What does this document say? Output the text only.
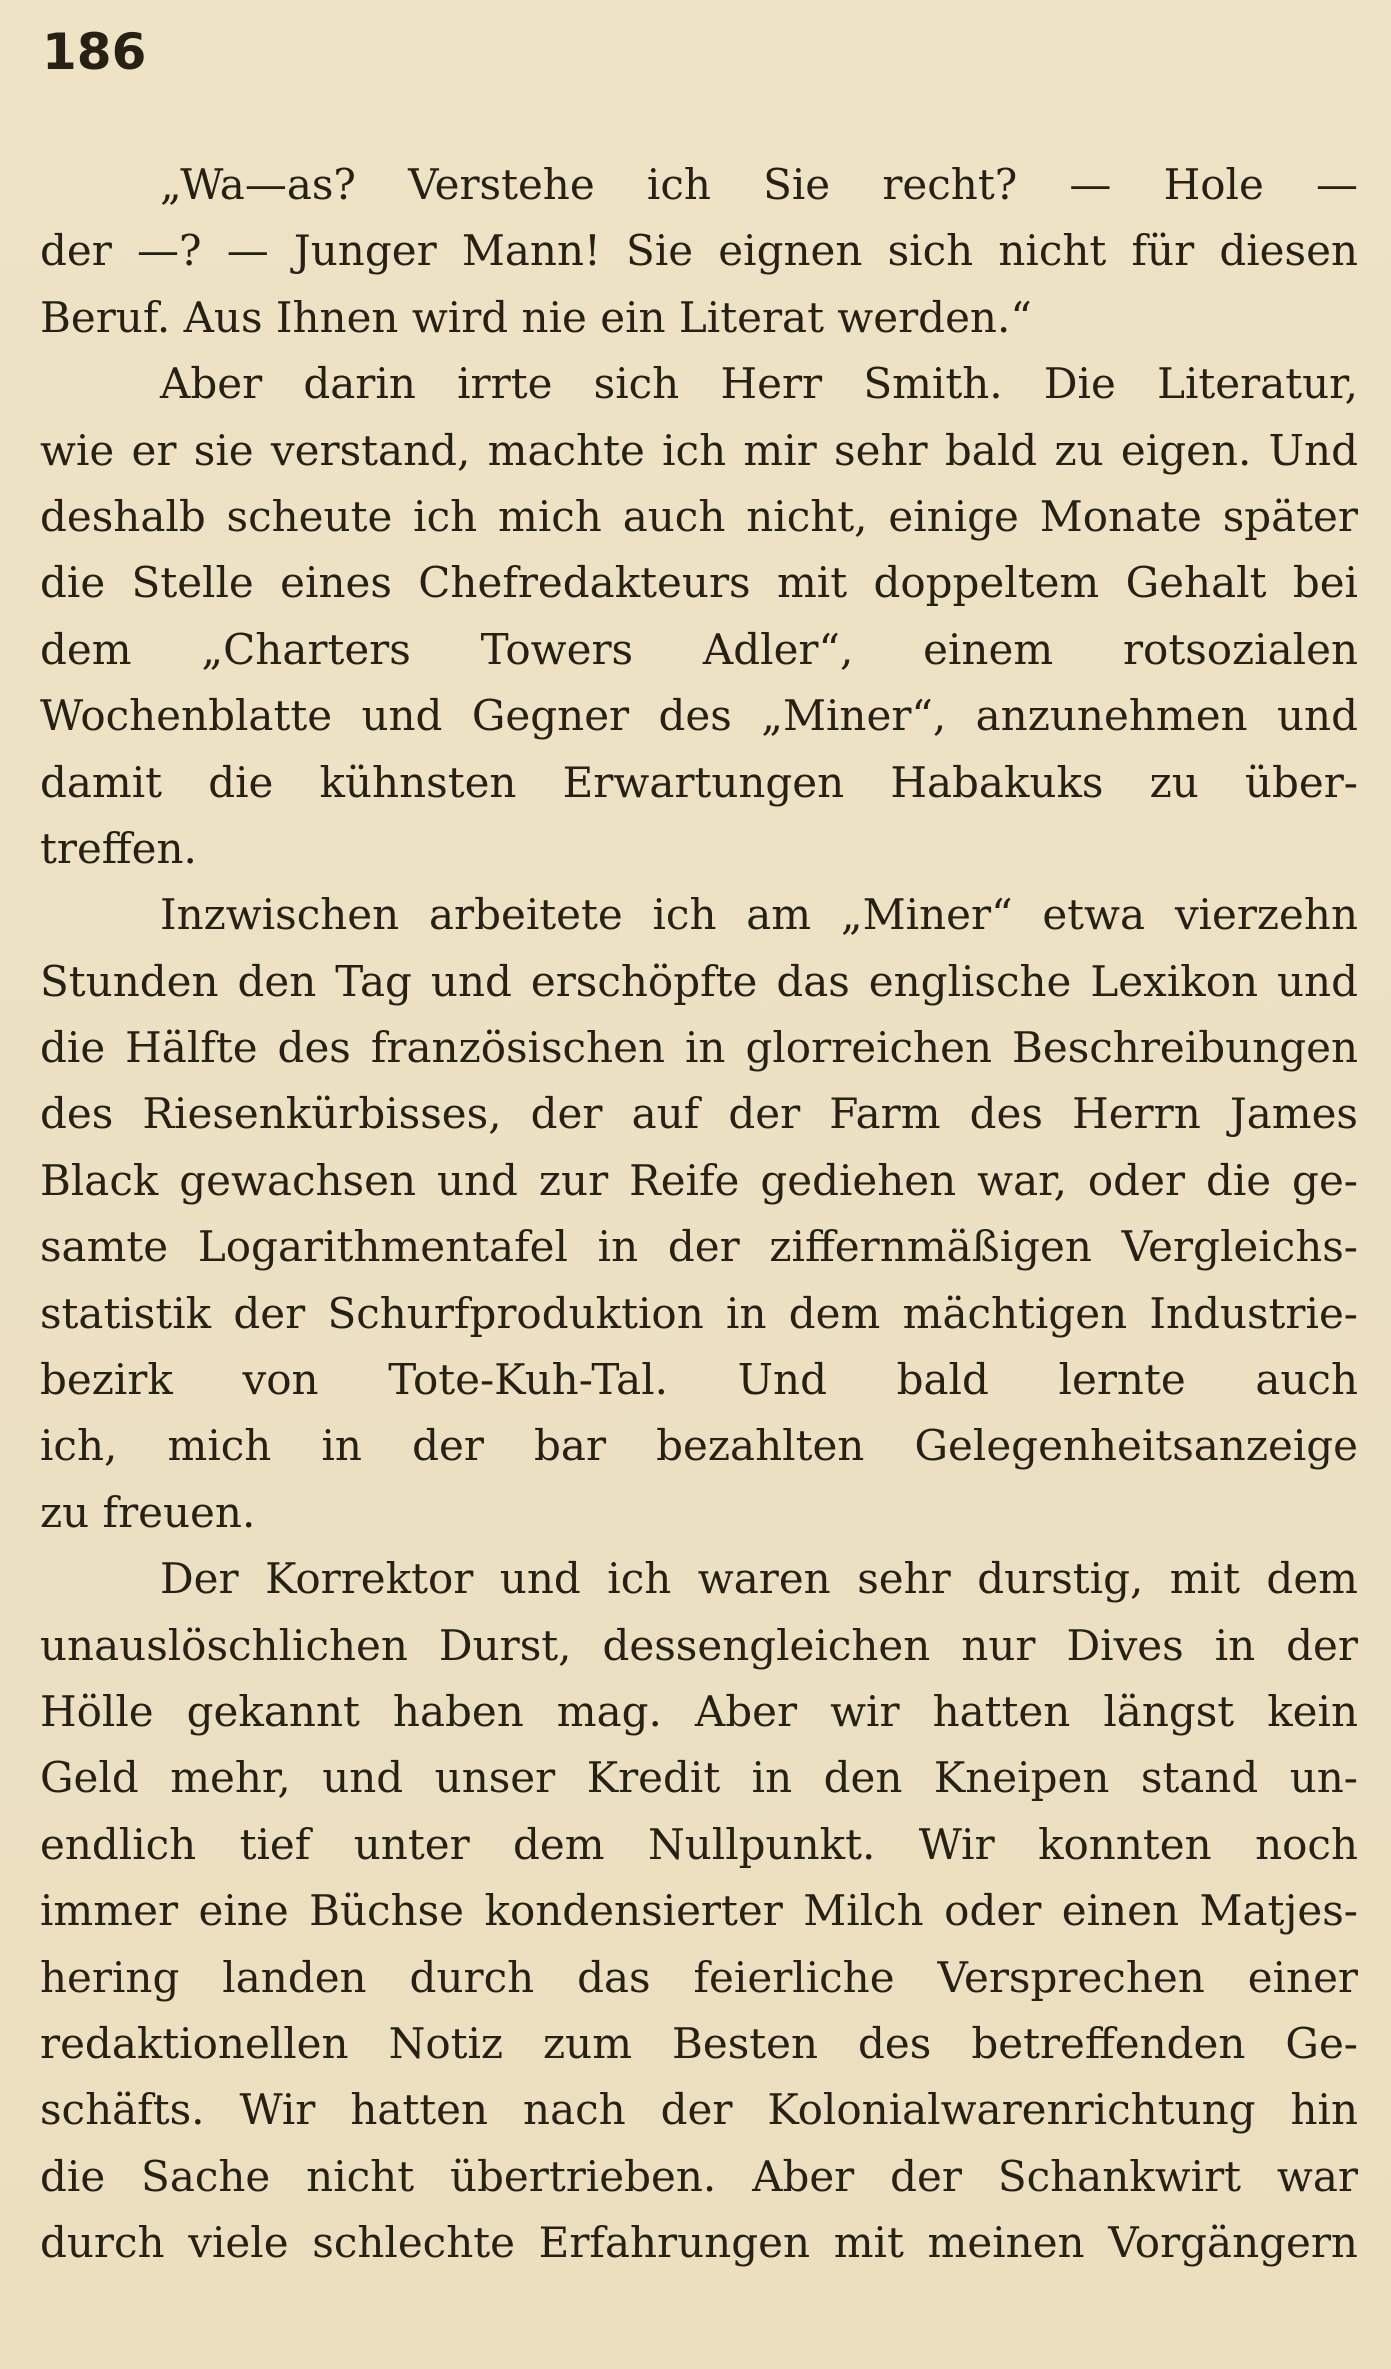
186
„Wa—as? Verstehe ich Sie recht? — Hole —
der —? — Junger Mann! Sie eignen sich nicht für diesen
Beruf. Aus Ihnen wird nie ein Literat werden.“
Aber darin irrte sich Herr Smith. Die Literatur,
wie er sie verstand, machte ich mir sehr bald zu eigen. Und
deshalb scheute ich mich auch nicht, einige Monate später
die Stelle eines Chefredakteurs mit doppeltem Gehalt bei
dem „Charters Towers Adler“, einem rotsozialen
Wochenblatte und Gegner des „Miner“, anzunehmen und
damit die kühnsten Erwartungen Habakuks zu über-
treffen.
Inzwischen arbeitete ich am „Miner“ etwa vierzehn
Stunden den Tag und erschöpfte das englische Lexikon und
die Hälfte des französischen in glorreichen Beschreibungen
des Riesenkürbisses, der auf der Farm des Herrn James
Black gewachsen und zur Reife gediehen war, oder die ge-
samte Logarithmentafel in der ziffernmäßigen Vergleichs-
statistik der Schurfproduktion in dem mächtigen Industrie-
bezirk von Tote-Kuh-Tal. Und bald lernte auch
ich, mich in der bar bezahlten Gelegenheitsanzeige
zu freuen.
Der Korrektor und ich waren sehr durstig, mit dem
unauslöschlichen Durst, dessengleichen nur Dives in der
Hölle gekannt haben mag. Aber wir hatten längst kein
Geld mehr, und unser Kredit in den Kneipen stand un-
endlich tief unter dem Nullpunkt. Wir konnten noch
immer eine Büchse kondensierter Milch oder einen Matjes-
hering landen durch das feierliche Versprechen einer
redaktionellen Notiz zum Besten des betreffenden Ge-
schäfts. Wir hatten nach der Kolonialwarenrichtung hin
die Sache nicht übertrieben. Aber der Schankwirt war
durch viele schlechte Erfahrungen mit meinen Vorgängern
